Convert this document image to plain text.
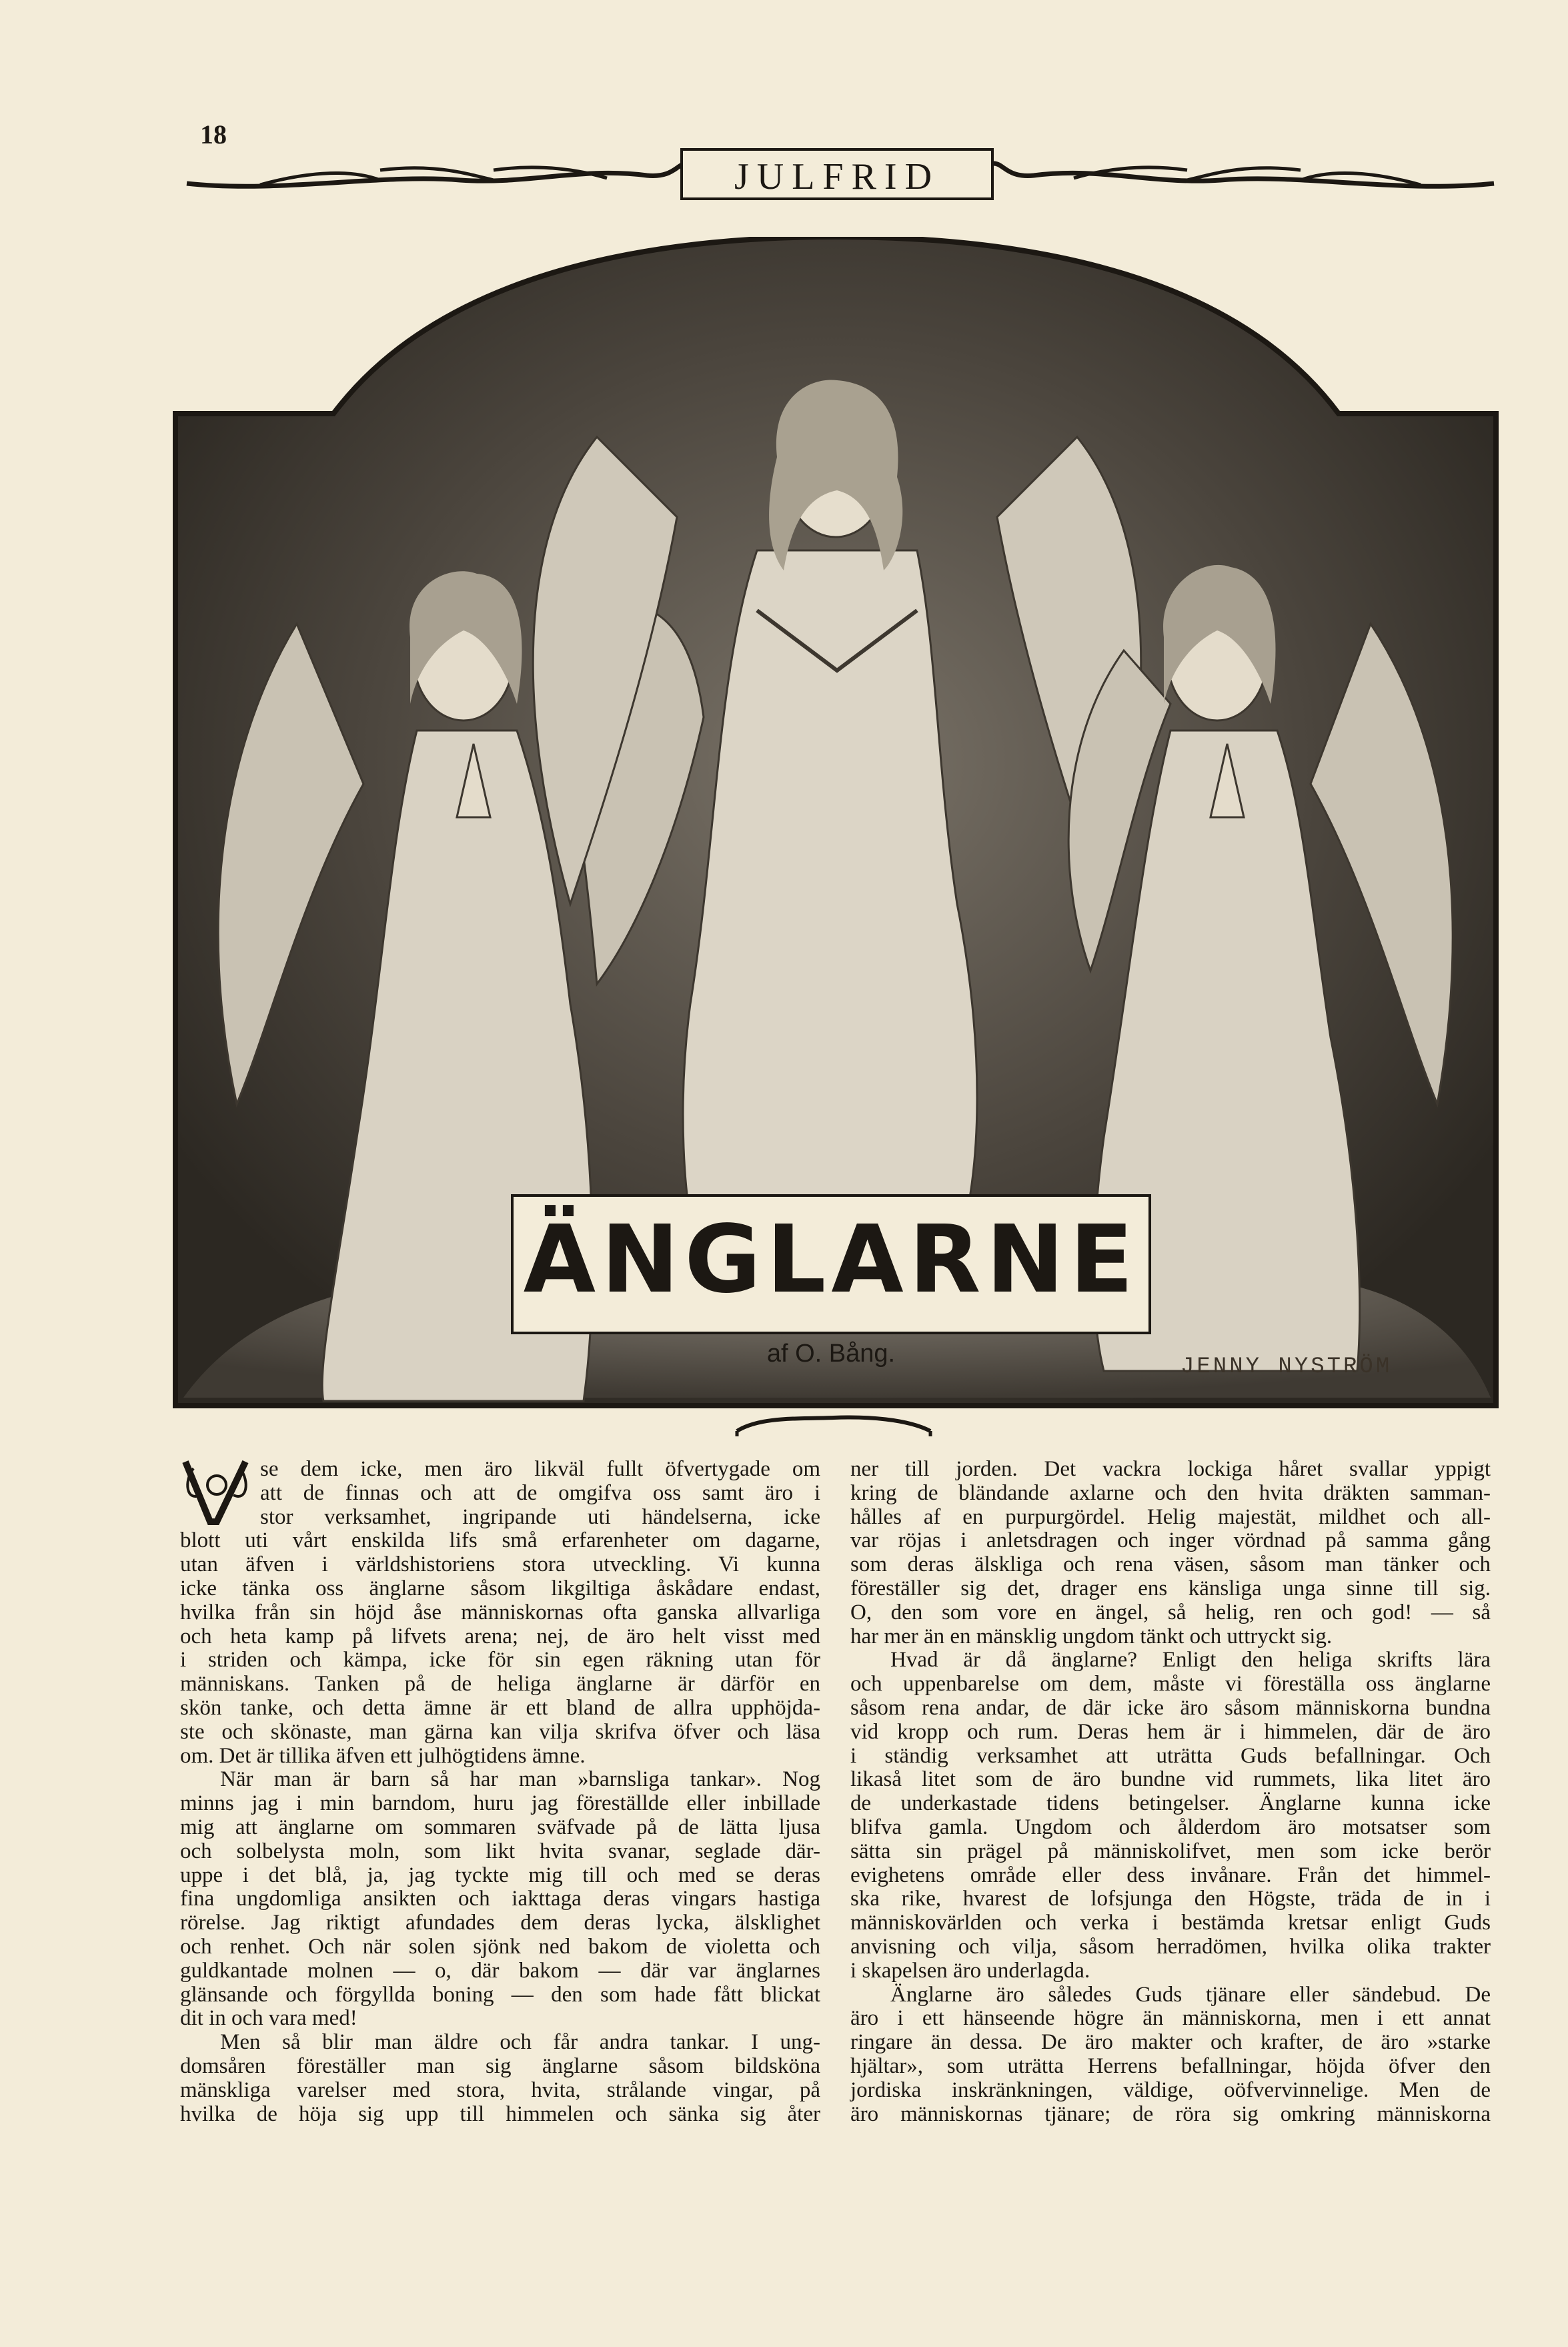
18
JULFRID
ÄNGLARNE
af O. Bång.	JENNY NYSTRÖM
se dem icke, men äro likväl fullt öfvertygade om
att de finnas och att de omgifva oss samt äro i
stor verksamhet, ingripande uti händelserna, icke
blott uti vårt enskilda lifs små erfarenheter om dagarne,
utan äfven i världshistoriens stora utveckling. Vi kunna
icke tänka oss änglarne såsom likgiltiga åskådare endast,
hvilka från sin höjd åse människornas ofta ganska allvarliga
och heta kamp på lifvets arena; nej, de äro helt visst med
i striden och kämpa, icke för sin egen räkning utan för
människans. Tanken på de heliga änglarne är därför en
skön tanke, och detta ämne är ett bland de allra upphöjda-
ste och skönaste, man gärna kan vilja skrifva öfver och läsa
om. Det är tillika äfven ett julhögtidens ämne.
När man är barn så har man »barnsliga tankar». Nog
minns jag i min barndom, huru jag föreställde eller inbillade
mig att änglarne om sommaren sväfvade på de lätta ljusa
och solbelysta moln, som likt hvita svanar, seglade där-
uppe i det blå, ja, jag tyckte mig till och med se deras
fina ungdomliga ansikten och iakttaga deras vingars hastiga
rörelse. Jag riktigt afundades dem deras lycka, älsklighet
och renhet. Och när solen sjönk ned bakom de violetta och
guldkantade molnen — o, där bakom — där var änglarnes
glänsande och förgyllda boning — den som hade fått blickat
dit in och vara med!
Men så blir man äldre och får andra tankar. I ung-
domsåren föreställer man sig änglarne såsom bildsköna
mänskliga varelser med stora, hvita, strålande vingar, på
hvilka de höja sig upp till himmelen och sänka sig åter
ner till jorden. Det vackra lockiga håret svallar yppigt
kring de bländande axlarne och den hvita dräkten samman-
hålles af en purpurgördel. Helig majestät, mildhet och all-
var röjas i anletsdragen och inger vördnad på samma gång
som deras älskliga och rena väsen, såsom man tänker och
föreställer sig det, drager ens känsliga unga sinne till sig.
O, den som vore en ängel, så helig, ren och god! — så
har mer än en mänsklig ungdom tänkt och uttryckt sig.
Hvad är då änglarne? Enligt den heliga skrifts lära
och uppenbarelse om dem, måste vi föreställa oss änglarne
såsom rena andar, de där icke äro såsom människorna bundna
vid kropp och rum. Deras hem är i himmelen, där de äro
i ständig verksamhet att uträtta Guds befallningar. Och
likaså litet som de äro bundne vid rummets, lika litet äro
de underkastade tidens betingelser. Änglarne kunna icke
blifva gamla. Ungdom och ålderdom äro motsatser som
sätta sin prägel på människolifvet, men som icke berör
evighetens område eller dess invånare. Från det himmel-
ska rike, hvarest de lofsjunga den Högste, träda de in i
människovärlden och verka i bestämda kretsar enligt Guds
anvisning och vilja, såsom herradömen, hvilka olika trakter
i skapelsen äro underlagda.
Änglarne äro således Guds tjänare eller sändebud. De
äro i ett hänseende högre än människorna, men i ett annat
ringare än dessa. De äro makter och krafter, de äro »starke
hjältar», som uträtta Herrens befallningar, höjda öfver den
jordiska inskränkningen, väldige, oöfvervinnelige. Men de
äro människornas tjänare; de röra sig omkring människorna
